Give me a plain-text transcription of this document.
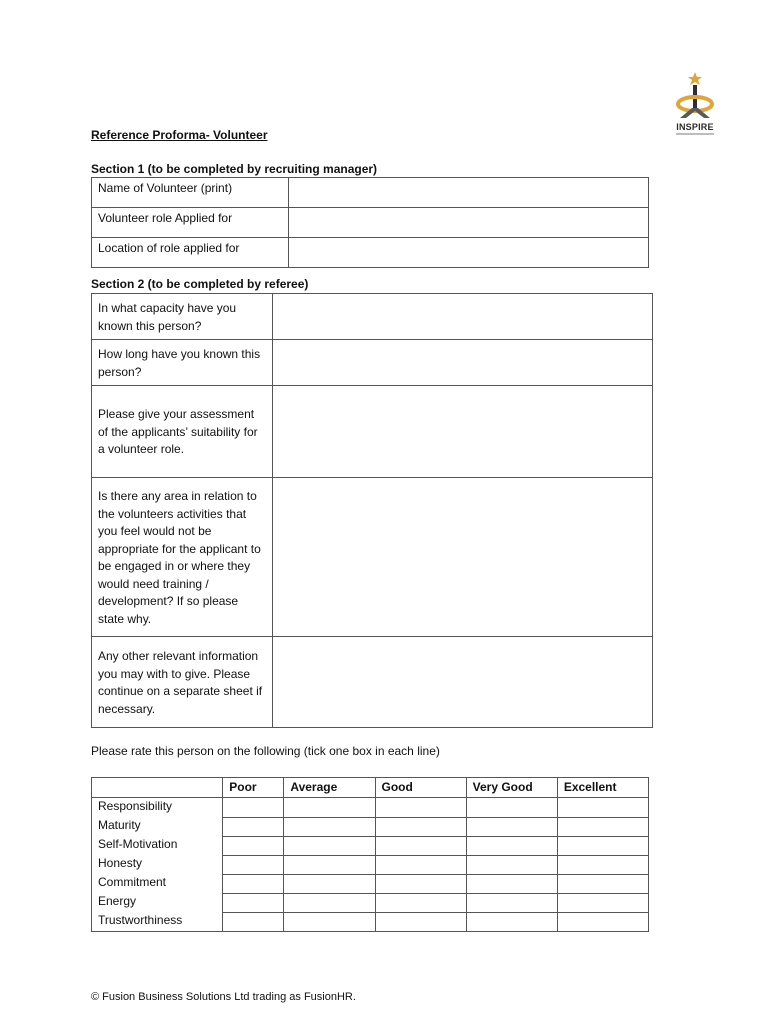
INSPIRE
Reference Proforma- Volunteer
Section 1 (to be completed by recruiting manager)
Name of Volunteer (print)	
Volunteer role Applied for	
Location of role applied for	
Section 2 (to be completed by referee)
In what capacity have you known this person?	
How long have you known this person?	
Please give your assessment of the applicants’ suitability for a volunteer role.	
Is there any area in relation to the volunteers activities that you feel would not be appropriate for the applicant to be engaged in or where they would need training / development? If so please state why.	
Any other relevant information you may with to give. Please continue on a separate sheet if necessary.	
Please rate this person on the following (tick one box in each line)
	Poor	Average	Good	Very Good	Excellent
Responsibility					
Maturity					
Self-Motivation					
Honesty					
Commitment					
Energy					
Trustworthiness					
© Fusion Business Solutions Ltd trading as FusionHR.
